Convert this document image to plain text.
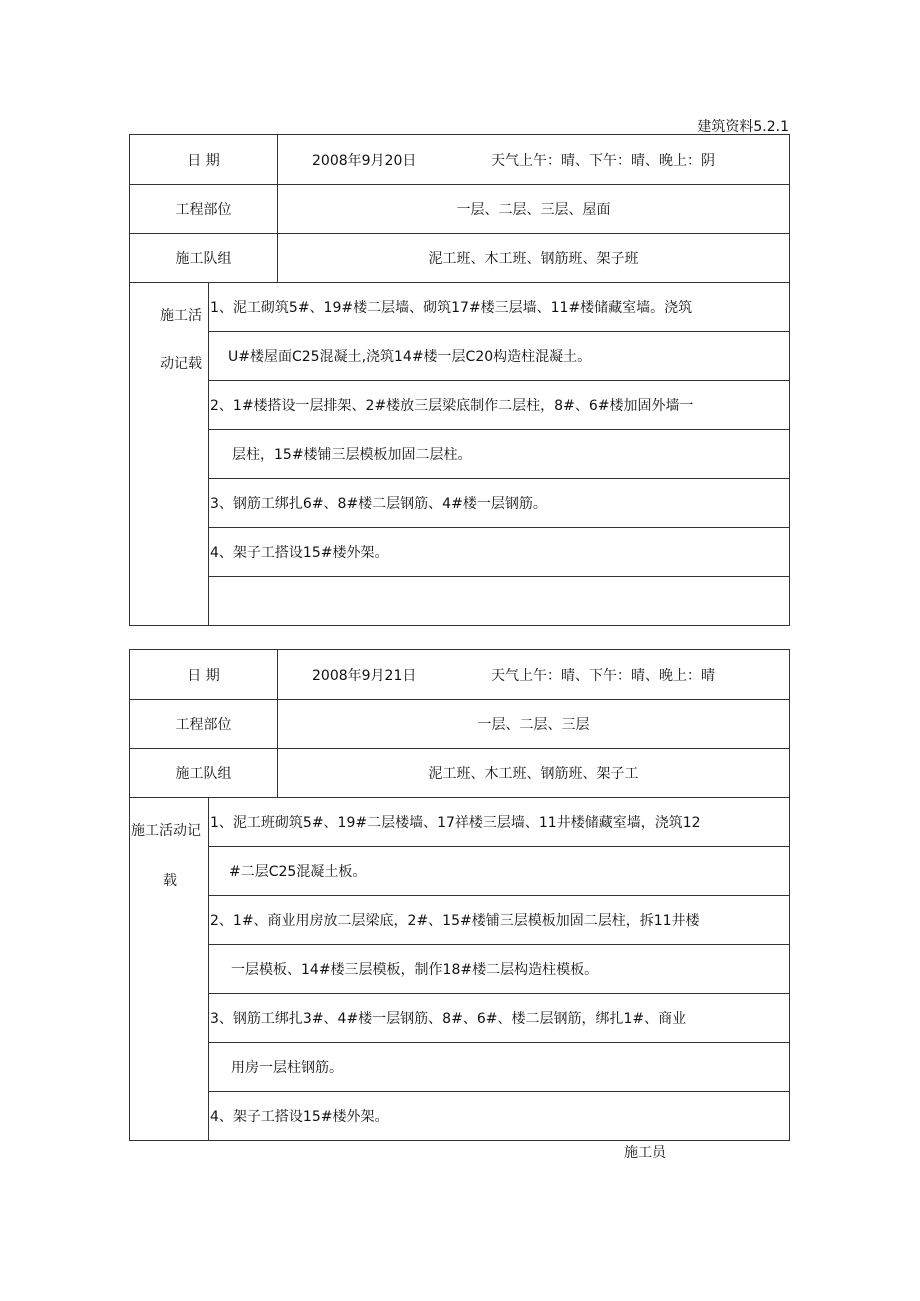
建筑资料5.2.1
日 期	2008年9月20日	天气上午：晴、下午：晴、晚上：阴
工程部位	一层、二层、三层、屋面
施工队组	泥工班、木工班、钢筋班、架子班
施工活
动记载
1、泥工砌筑5#、19#楼二层墙、砌筑17#楼三层墙、11#楼储藏室墙。浇筑
U#楼屋面C25混凝土,浇筑14#楼一层C20构造柱混凝土。
2、1#楼搭设一层排架、2#楼放三层梁底制作二层柱，8#、6#楼加固外墙一
层柱，15#楼铺三层模板加固二层柱。
3、钢筋工绑扎6#、8#楼二层钢筋、4#楼一层钢筋。
4、架子工搭设15#楼外架。
日 期	2008年9月21日	天气上午：晴、下午：晴、晚上：晴
工程部位	一层、二层、三层
施工队组	泥工班、木工班、钢筋班、架子工
施工活动记
载
1、泥工班砌筑5#、19#二层楼墙、17祥楼三层墙、11井楼储藏室墙，浇筑12
#二层C25混凝土板。
2、1#、商业用房放二层梁底，2#、15#楼铺三层模板加固二层柱，拆11井楼
一层模板、14#楼三层模板，制作18#楼二层构造柱模板。
3、钢筋工绑扎3#、4#楼一层钢筋、8#、6#、楼二层钢筋，绑扎1#、商业
用房一层柱钢筋。
4、架子工搭设15#楼外架。
施工员
